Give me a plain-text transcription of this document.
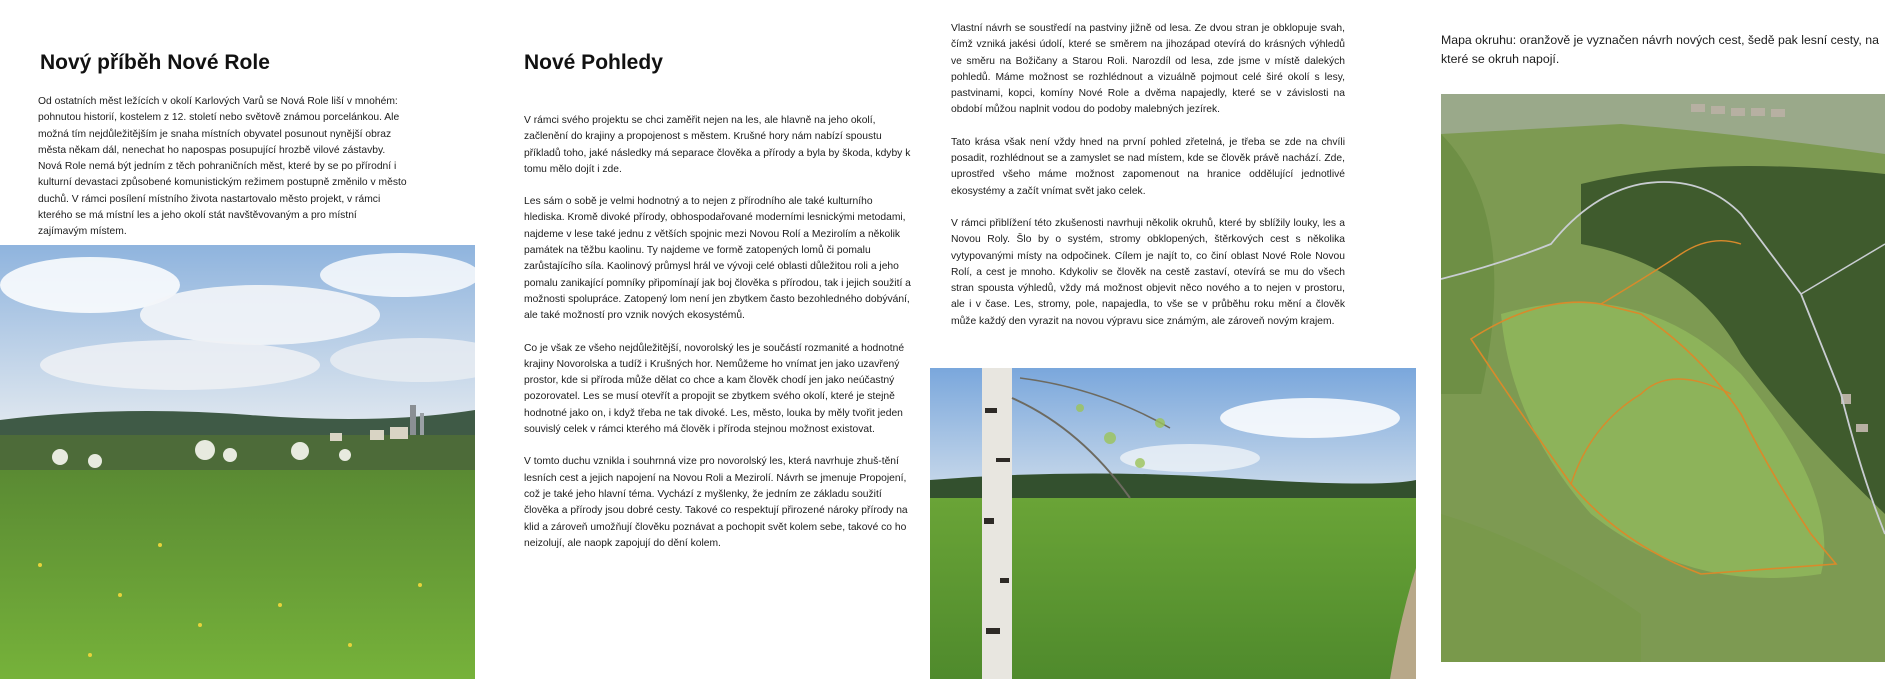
Nový příběh Nové Role

Od ostatních měst ležících v okolí Karlových Varů se Nová Role liší v mnohém: pohnutou historií, kostelem z 12. století nebo světově známou porcelánkou. Ale možná tím nejdůležitějším je snaha místních obyvatel posunout nynější obraz města někam dál, nenechat ho napospas posupující hrozbě vilové zástavby. Nová Role nemá být jedním z těch pohraničních měst, které by se po přírodní i kulturní devastaci způsobené komunistickým režimem postupně změnilo v město duchů. V rámci posílení místního života nastartovalo město projekt, v rámci kterého se má místní les a jeho okolí stát navštěvovaným a pro místní zajímavým místem.

Nové Pohledy

V rámci svého projektu se chci zaměřit nejen na les, ale hlavně na jeho okolí, začlenění do krajiny a propojenost s městem. Krušné hory nám nabízí spoustu příkladů toho, jaké následky má separace člověka a přírody a byla by škoda, kdyby k tomu mělo dojít i zde.

Les sám o sobě je velmi hodnotný a to nejen z přírodního ale také kulturního hlediska. Kromě divoké přírody, obhospodařované moderními lesnickými metodami, najdeme v lese také jednu z větších spojnic mezi Novou Rolí a Mezirolím a několik památek na těžbu kaolinu. Ty najdeme ve formě zatopených lomů či pomalu zarůstajícího síla. Kaolinový průmysl hrál ve vývoji celé oblasti důležitou roli a jeho pomalu zanikající pomníky připomínají jak boj člověka s přírodou, tak i jejich soužití a možnosti spolupráce. Zatopený lom není jen zbytkem často bezohledného dobývání, ale také možností pro vznik nových ekosystémů.

Co je však ze všeho nejdůležitější, novorolský les je součástí rozmanité a hodnotné krajiny Novorolska a tudíž i Krušných hor. Nemůžeme ho vnímat jen jako uzavřený prostor, kde si příroda může dělat co chce a kam člověk chodí jen jako neúčastný pozorovatel. Les se musí otevřít a propojit se zbytkem svého okolí, které je stejně hodnotné jako on, i když třeba ne tak divoké. Les, město, louka by měly tvořit jeden souvislý celek v rámci kterého má člověk i příroda stejnou možnost existovat.

V tomto duchu vznikla i souhrnná vize pro novorolský les, která navrhuje zhuš-tění lesních cest a jejich napojení na Novou Roli a Mezirolí. Návrh se jmenuje Propojení, což je také jeho hlavní téma. Vychází z myšlenky, že jedním ze základu soužití člověka a přírody jsou dobré cesty. Takové co respektují přirozené nároky přírody na klid a zároveň umožňují člověku poznávat a pochopit svět kolem sebe, takové co ho neizolují, ale naopk zapojují do dění kolem.

Vlastní návrh se soustředí na pastviny jižně od lesa. Ze dvou stran je obklopuje svah, čímž vzniká jakési údolí, které se směrem na jihozápad otevírá do krásných výhledů ve směru na Božičany a Starou Roli. Narozdíl od lesa, zde jsme v místě dalekých pohledů. Máme možnost se rozhlédnout a vizuálně pojmout celé širé okolí s lesy, pastvinami, kopci, komíny Nové Role a dvěma napajedly, které se v závislosti na období můžou naplnit vodou do podoby malebných jezírek.

Tato krása však není vždy hned na první pohled zřetelná, je třeba se zde na chvíli posadit, rozhlédnout se a zamyslet se nad místem, kde se člověk právě nachází. Zde, uprostřed všeho máme možnost zapomenout na hranice oddělující jednotlivé ekosystémy a začít vnímat svět jako celek.

V rámci přiblížení této zkušenosti navrhuji několik okruhů, které by sblížily louky, les a Novou Roly. Šlo by o systém, stromy obklopených, štěrkových cest s několika vytypovanými místy na odpočinek. Cílem je najít to, co činí oblast Nové Role Novou Rolí, a cest je mnoho. Kdykoliv se člověk na cestě zastaví, otevírá se mu do všech stran spousta výhledů, vždy má možnost objevit něco nového a to nejen v prostoru, ale i v čase. Les, stromy, pole, napajedla, to vše se v průběhu roku mění a člověk může každý den vyrazit na novou výpravu sice známým, ale zároveň novým krajem.

Mapa okruhu: oranžově je vyznačen návrh nových cest, šedě pak lesní cesty, na které se okruh napojí.
